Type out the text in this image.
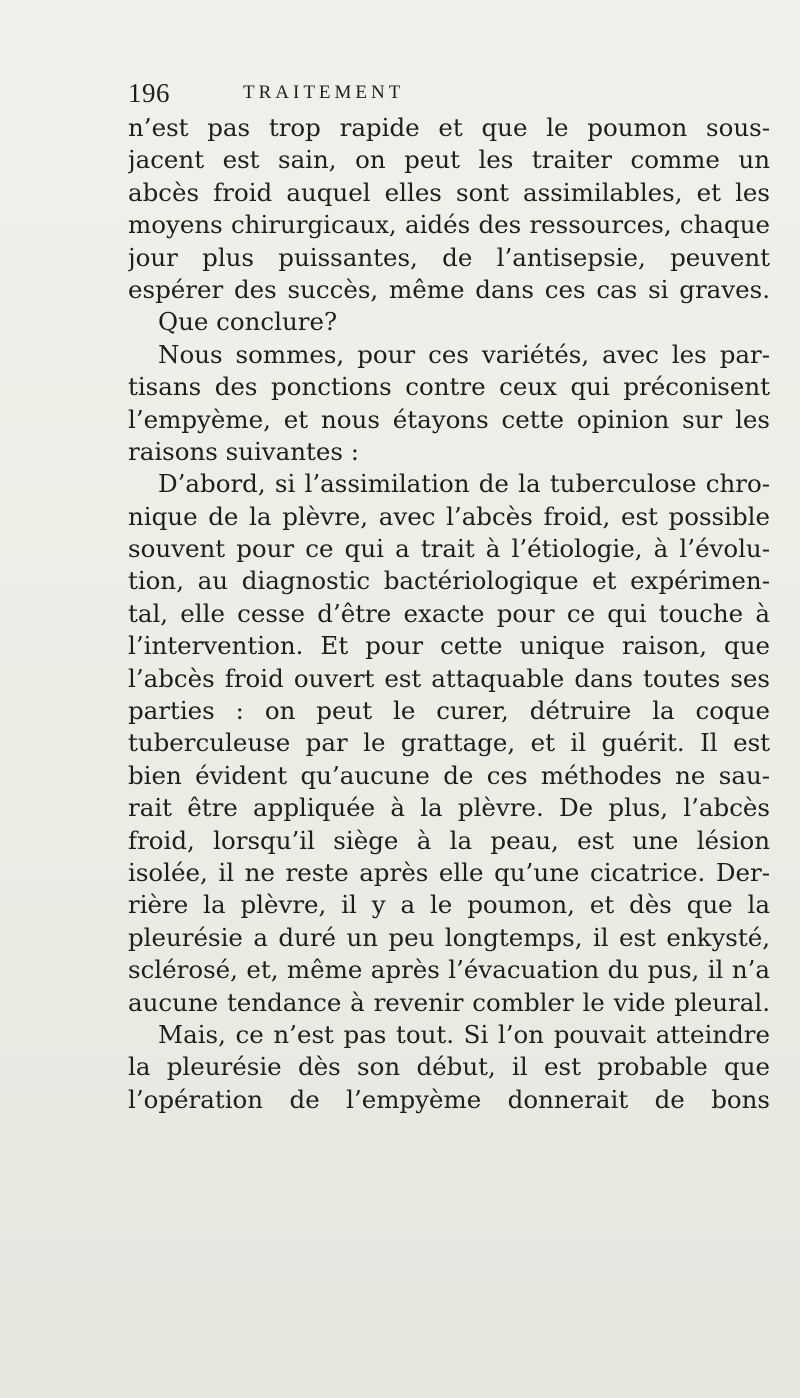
196	TRAITEMENT
n’est pas trop rapide et que le poumon sous-
jacent est sain, on peut les traiter comme un
abcès froid auquel elles sont assimilables, et les
moyens chirurgicaux, aidés des ressources, chaque
jour plus puissantes, de l’antisepsie, peuvent
espérer des succès, même dans ces cas si graves.
Que conclure?
Nous sommes, pour ces variétés, avec les par-
tisans des ponctions contre ceux qui préconisent
l’empyème, et nous étayons cette opinion sur les
raisons suivantes :
D’abord, si l’assimilation de la tuberculose chro-
nique de la plèvre, avec l’abcès froid, est possible
souvent pour ce qui a trait à l’étiologie, à l’évolu-
tion, au diagnostic bactériologique et expérimen-
tal, elle cesse d’être exacte pour ce qui touche à
l’intervention. Et pour cette unique raison, que
l’abcès froid ouvert est attaquable dans toutes ses
parties : on peut le curer, détruire la coque
tuberculeuse par le grattage, et il guérit. Il est
bien évident qu’aucune de ces méthodes ne sau-
rait être appliquée à la plèvre. De plus, l’abcès
froid, lorsqu’il siège à la peau, est une lésion
isolée, il ne reste après elle qu’une cicatrice. Der-
rière la plèvre, il y a le poumon, et dès que la
pleurésie a duré un peu longtemps, il est enkysté,
sclérosé, et, même après l’évacuation du pus, il n’a
aucune tendance à revenir combler le vide pleural.
Mais, ce n’est pas tout. Si l’on pouvait atteindre
la pleurésie dès son début, il est probable que
l’opération de l’empyème donnerait de bons
